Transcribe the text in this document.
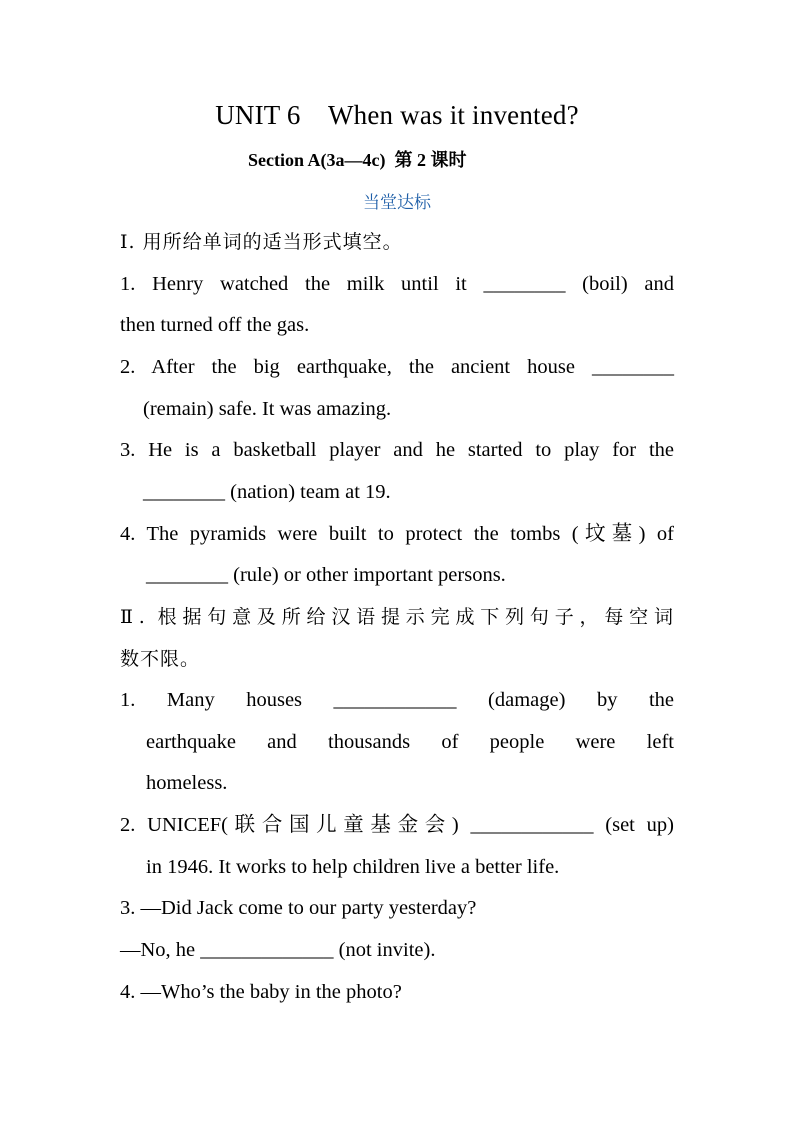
UNIT 6    When was it invented?
Section A(3a—4c)  第 2 课时
当堂达标
Ⅰ. 用所给单词的适当形式填空。
1. Henry watched the milk until it ________ (boil) and
then turned off the gas.
2. After the big earthquake, the ancient house ________
(remain) safe. It was amazing.
3. He is a basketball player and he started to play for the
________ (nation) team at 19.
4. The pyramids were built to protect the tombs (坟墓) of
________ (rule) or other important persons.
Ⅱ. 根据句意及所给汉语提示完成下列句子，每空词
数不限。
1. Many houses ____________ (damage) by the
earthquake and thousands of people were left
homeless.
2. UNICEF(联合国儿童基金会) ____________ (set up)
in 1946. It works to help children live a better life.
3. —Did Jack come to our party yesterday?
—No, he _____________ (not invite).
4. —Who’s the baby in the photo?
